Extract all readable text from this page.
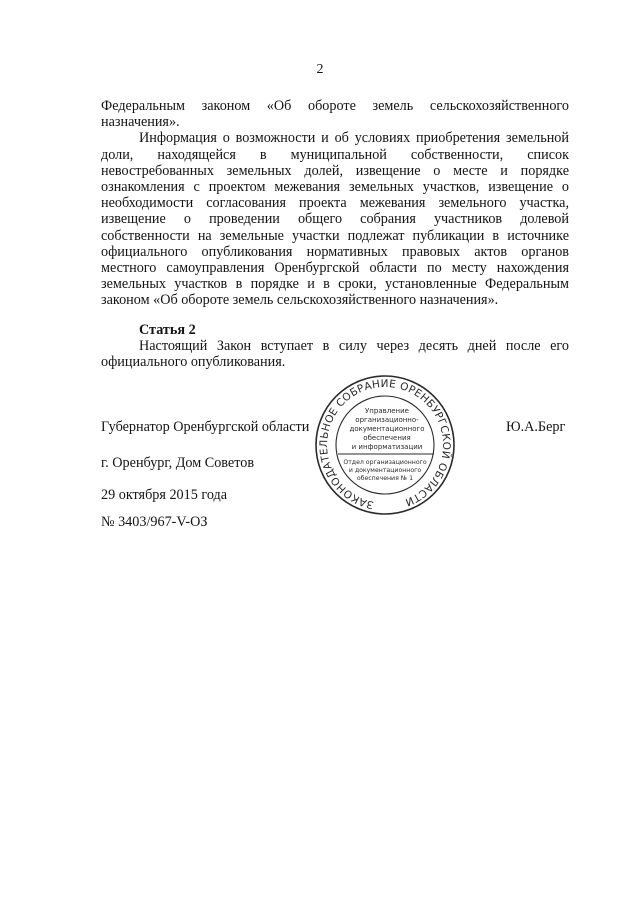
2

Федеральным законом «Об обороте земель сельскохозяйственного назначения».

Информация о возможности и об условиях приобретения земельной доли, находящейся в муниципальной собственности, список невостребованных земельных долей, извещение о месте и порядке ознакомления с проектом межевания земельных участков, извещение о необходимости согласования проекта межевания земельного участка, извещение о проведении общего собрания участников долевой собственности на земельные участки подлежат публикации в источнике официального опубликования нормативных правовых актов органов местного самоуправления Оренбургской области по месту нахождения земельных участков в порядке и в сроки, установленные Федеральным законом «Об обороте земель сельскохозяйственного назначения».

Статья 2

Настоящий Закон вступает в силу через десять дней после его официального опубликования.

Губернатор Оренбургской области	Ю.А.Берг
г. Оренбург, Дом Советов
29 октября 2015 года
№ 3403/967-V-ОЗ
ЗАКОНОДАТЕЛЬНОЕ СОБРАНИЕ ОРЕНБУРГСКОЙ ОБЛАСТИ
Управление
организационно-
документационного
обеспечения
и информатизации
Отдел организационного
и документационного
обеспечения № 1
